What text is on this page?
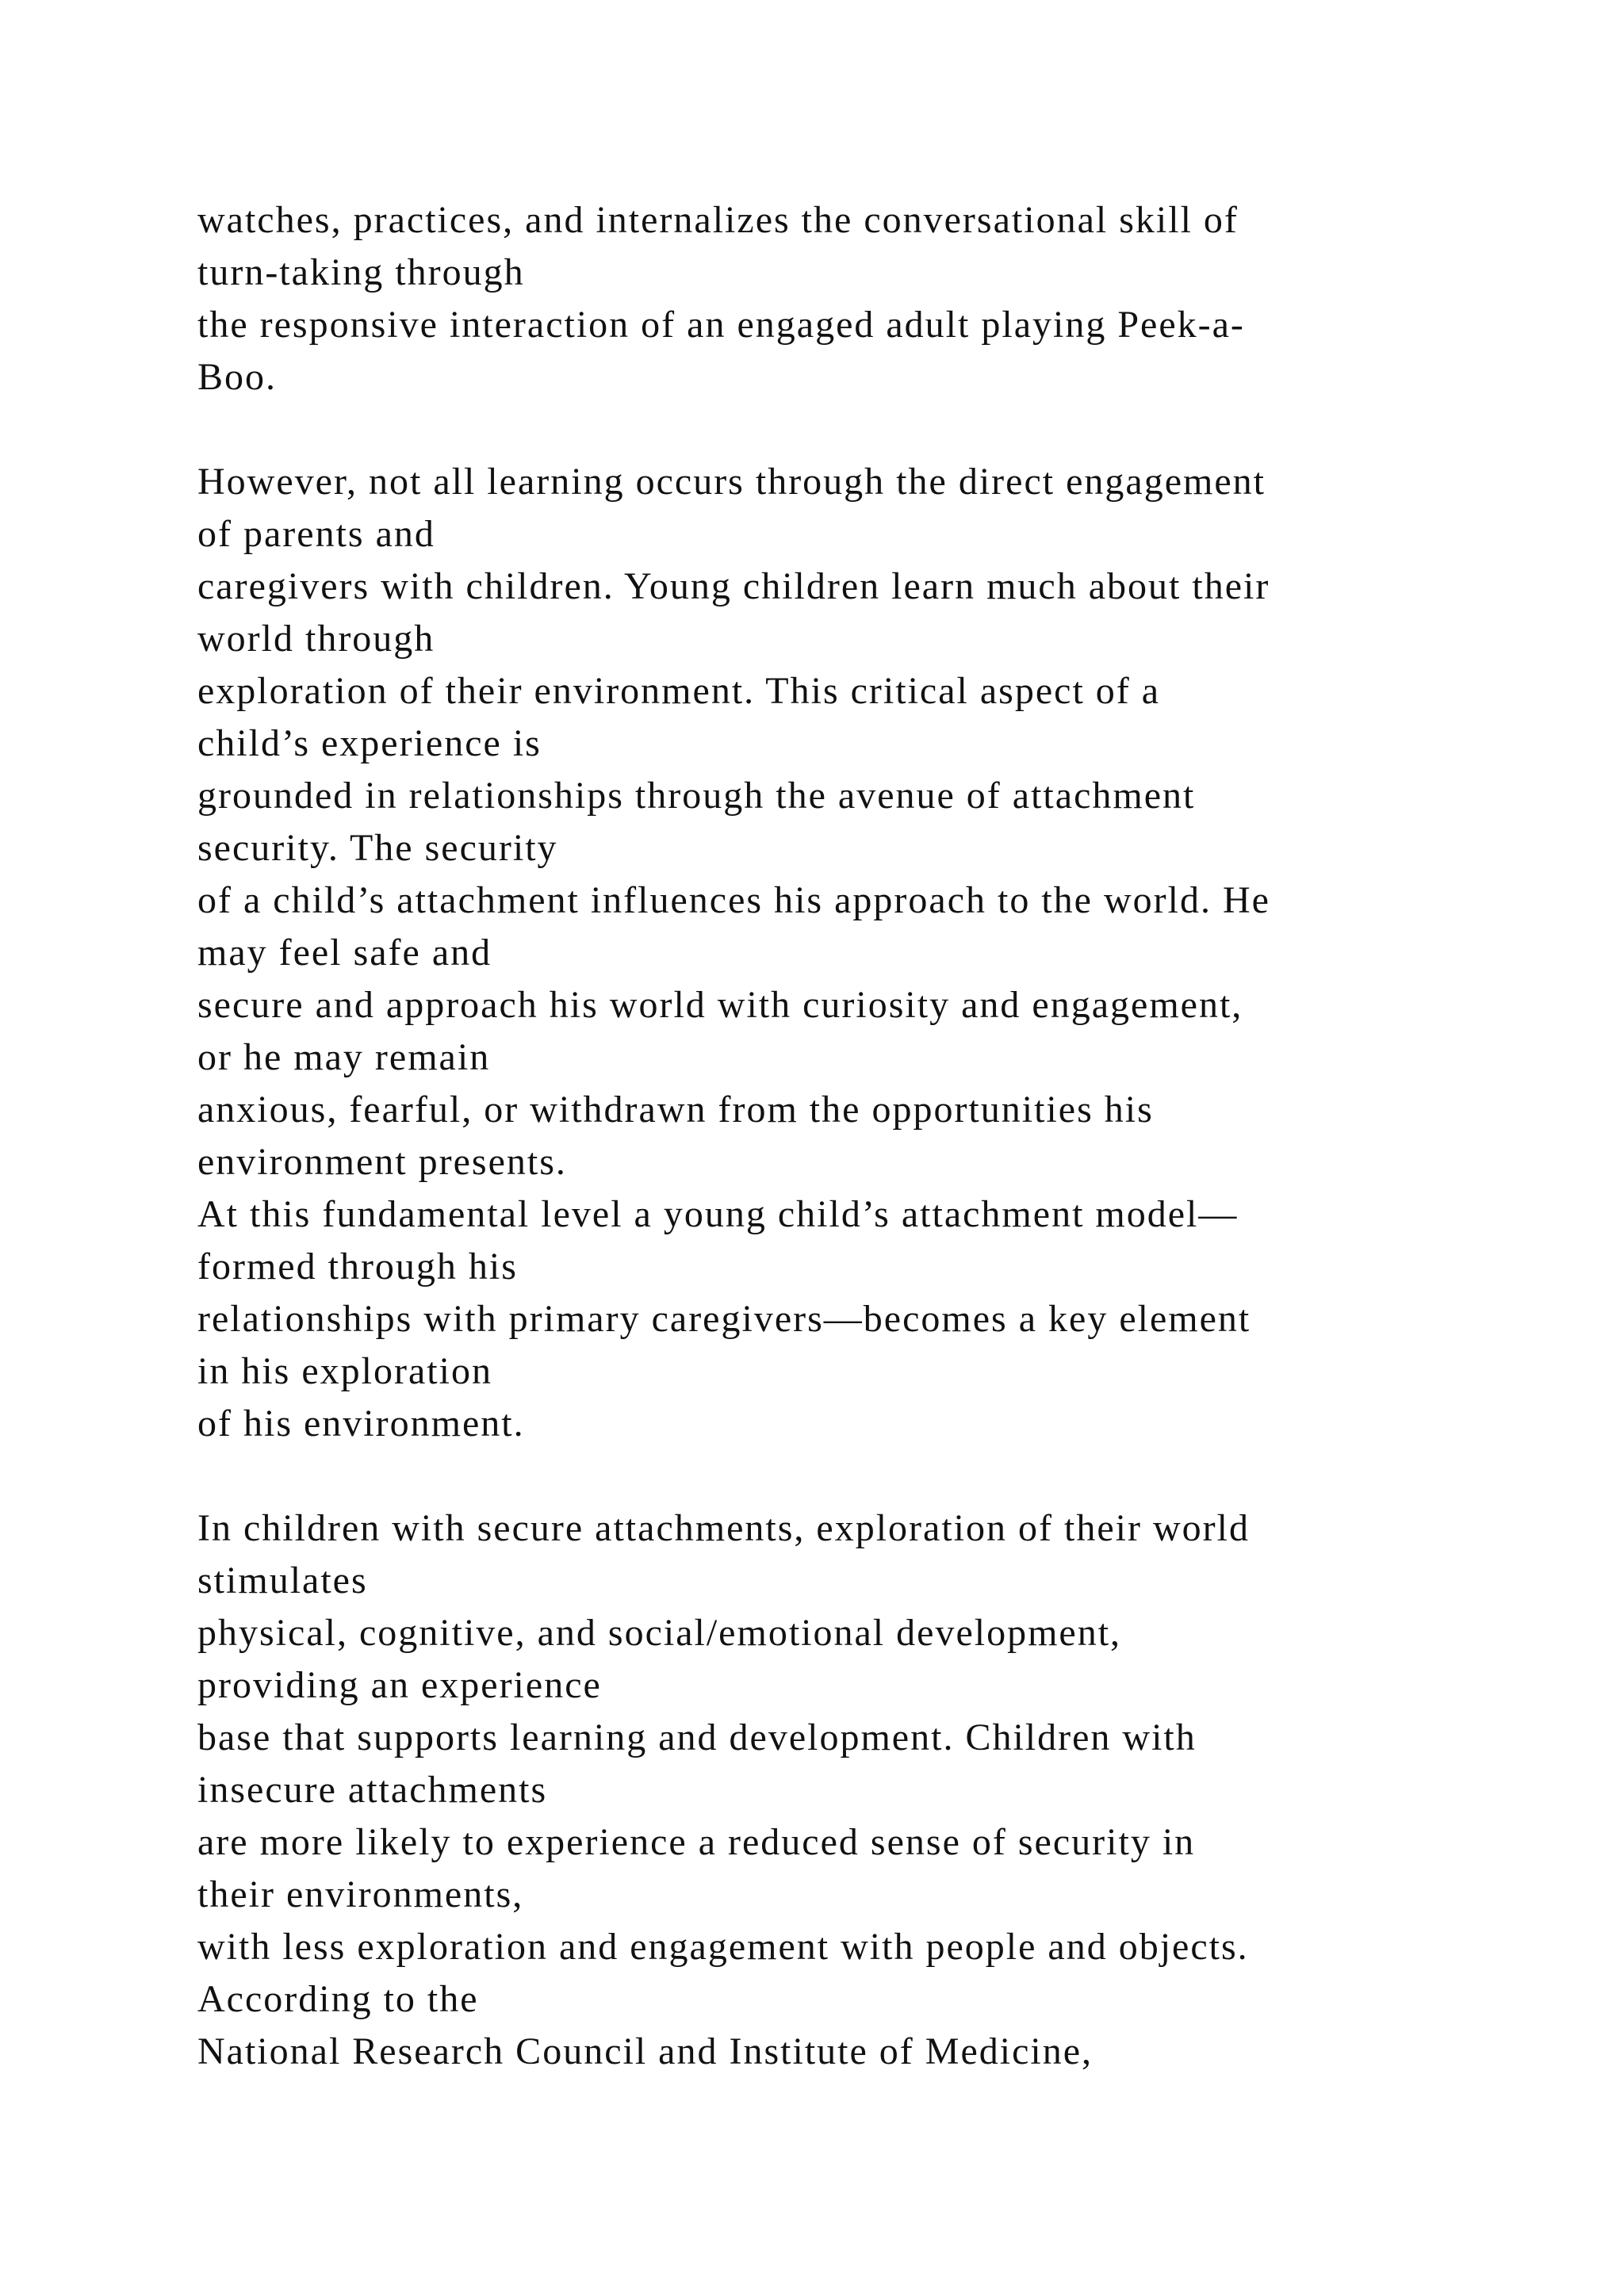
watches, practices, and internalizes the conversational skill of
turn-taking through
the responsive interaction of an engaged adult playing Peek-a-
Boo.
However, not all learning occurs through the direct engagement
of parents and
caregivers with children. Young children learn much about their
world through
exploration of their environment. This critical aspect of a
child’s experience is
grounded in relationships through the avenue of attachment
security. The security
of a child’s attachment influences his approach to the world. He
may feel safe and
secure and approach his world with curiosity and engagement,
or he may remain
anxious, fearful, or withdrawn from the opportunities his
environment presents.
At this fundamental level a young child’s attachment model—
formed through his
relationships with primary caregivers—becomes a key element
in his exploration
of his environment.
In children with secure attachments, exploration of their world
stimulates
physical, cognitive, and social/emotional development,
providing an experience
base that supports learning and development. Children with
insecure attachments
are more likely to experience a reduced sense of security in
their environments,
with less exploration and engagement with people and objects.
According to the
National Research Council and Institute of Medicine,
